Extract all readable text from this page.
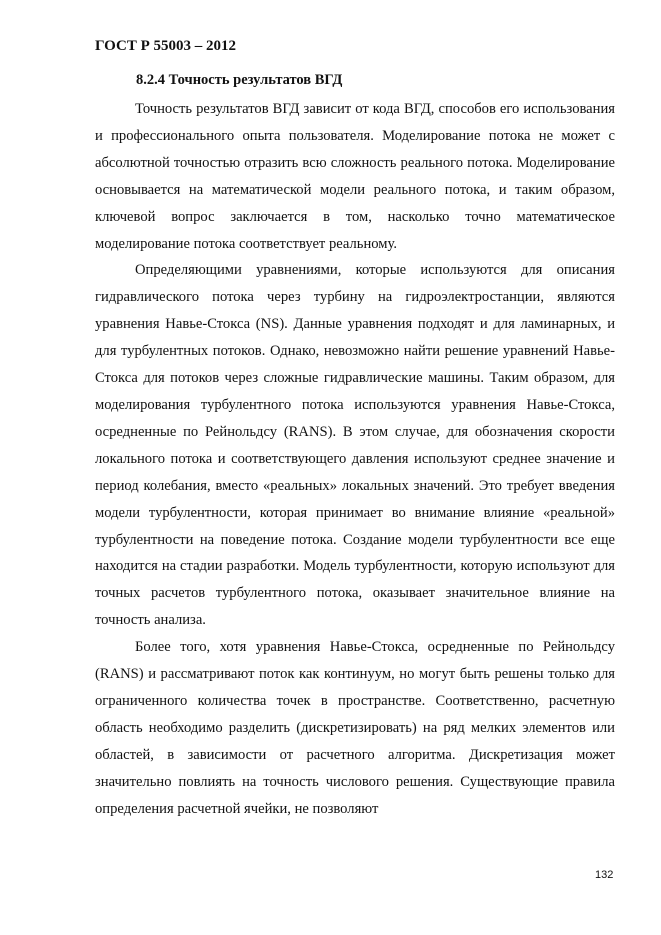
ГОСТ Р 55003 – 2012
8.2.4 Точность результатов ВГД

Точность результатов ВГД зависит от кода ВГД, способов его использования и профессионального опыта пользователя. Моделирование потока не может с абсолютной точностью отразить всю сложность реального потока. Моделирование основывается на математической модели реального потока, и таким образом, ключевой вопрос заключается в том, насколько точно математическое моделирование потока соответствует реальному.

Определяющими уравнениями, которые используются для описания гидравлического потока через турбину на гидроэлектростанции, являются уравнения Навье-Стокса (NS). Данные уравнения подходят и для ламинарных, и для турбулентных потоков. Однако, невозможно найти решение уравнений Навье-Стокса для потоков через сложные гидравлические машины. Таким образом, для моделирования турбулентного потока используются уравнения Навье-Стокса, осредненные по Рейнольдсу (RANS). В этом случае, для обозначения скорости локального потока и соответствующего давления используют среднее значение и период колебания, вместо «реальных» локальных значений. Это требует введения модели турбулентности, которая принимает во внимание влияние «реальной» турбулентности на поведение потока. Создание модели турбулентности все еще находится на стадии разработки. Модель турбулентности, которую используют для точных расчетов турбулентного потока, оказывает значительное влияние на точность анализа.

Более того, хотя уравнения Навье-Стокса, осредненные по Рейнольдсу (RANS) и рассматривают поток как континуум, но могут быть решены только для ограниченного количества точек в пространстве. Соответственно, расчетную область необходимо разделить (дискретизировать) на ряд мелких элементов или областей, в зависимости от расчетного алгоритма. Дискретизация может значительно повлиять на точность числового решения. Существующие правила определения расчетной ячейки, не позволяют

132
